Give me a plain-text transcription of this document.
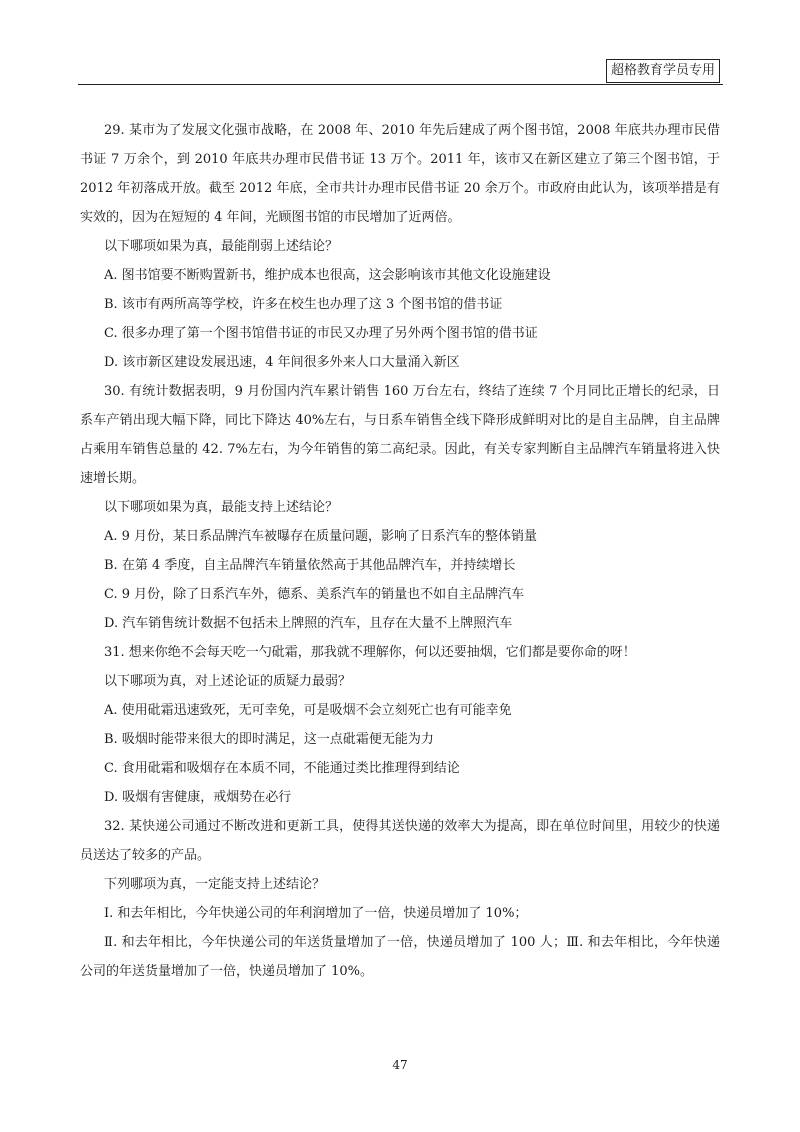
超格教育学员专用

29. 某市为了发展文化强市战略，在 2008 年、2010 年先后建成了两个图书馆，2008 年底共办理市民借书证 7 万余个，到 2010 年底共办理市民借书证 13 万个。2011 年，该市又在新区建立了第三个图书馆，于 2012 年初落成开放。截至 2012 年底，全市共计办理市民借书证 20 余万个。市政府由此认为，该项举措是有实效的，因为在短短的 4 年间，光顾图书馆的市民增加了近两倍。

以下哪项如果为真，最能削弱上述结论？

A. 图书馆要不断购置新书，维护成本也很高，这会影响该市其他文化设施建设

B. 该市有两所高等学校，许多在校生也办理了这 3 个图书馆的借书证

C. 很多办理了第一个图书馆借书证的市民又办理了另外两个图书馆的借书证

D. 该市新区建设发展迅速，4 年间很多外来人口大量涌入新区

30. 有统计数据表明，9 月份国内汽车累计销售 160 万台左右，终结了连续 7 个月同比正增长的纪录，日系车产销出现大幅下降，同比下降达 40%左右，与日系车销售全线下降形成鲜明对比的是自主品牌，自主品牌占乘用车销售总量的 42. 7%左右，为今年销售的第二高纪录。因此，有关专家判断自主品牌汽车销量将进入快速增长期。

以下哪项如果为真，最能支持上述结论？

A. 9 月份，某日系品牌汽车被曝存在质量问题，影响了日系汽车的整体销量

B. 在第 4 季度，自主品牌汽车销量依然高于其他品牌汽车，并持续增长

C. 9 月份，除了日系汽车外，德系、美系汽车的销量也不如自主品牌汽车

D. 汽车销售统计数据不包括未上牌照的汽车，且存在大量不上牌照汽车

31. 想来你绝不会每天吃一勺砒霜，那我就不理解你，何以还要抽烟，它们都是要你命的呀！

以下哪项为真，对上述论证的质疑力最弱？

A. 使用砒霜迅速致死，无可幸免，可是吸烟不会立刻死亡也有可能幸免

B. 吸烟时能带来很大的即时满足，这一点砒霜便无能为力

C. 食用砒霜和吸烟存在本质不同，不能通过类比推理得到结论

D. 吸烟有害健康，戒烟势在必行

32. 某快递公司通过不断改进和更新工具，使得其送快递的效率大为提高，即在单位时间里，用较少的快递员送达了较多的产品。

下列哪项为真，一定能支持上述结论？

Ⅰ. 和去年相比，今年快递公司的年利润增加了一倍，快递员增加了 10%；

Ⅱ. 和去年相比，今年快递公司的年送货量增加了一倍，快递员增加了 100 人；Ⅲ. 和去年相比，今年快递公司的年送货量增加了一倍，快递员增加了 10%。

47
